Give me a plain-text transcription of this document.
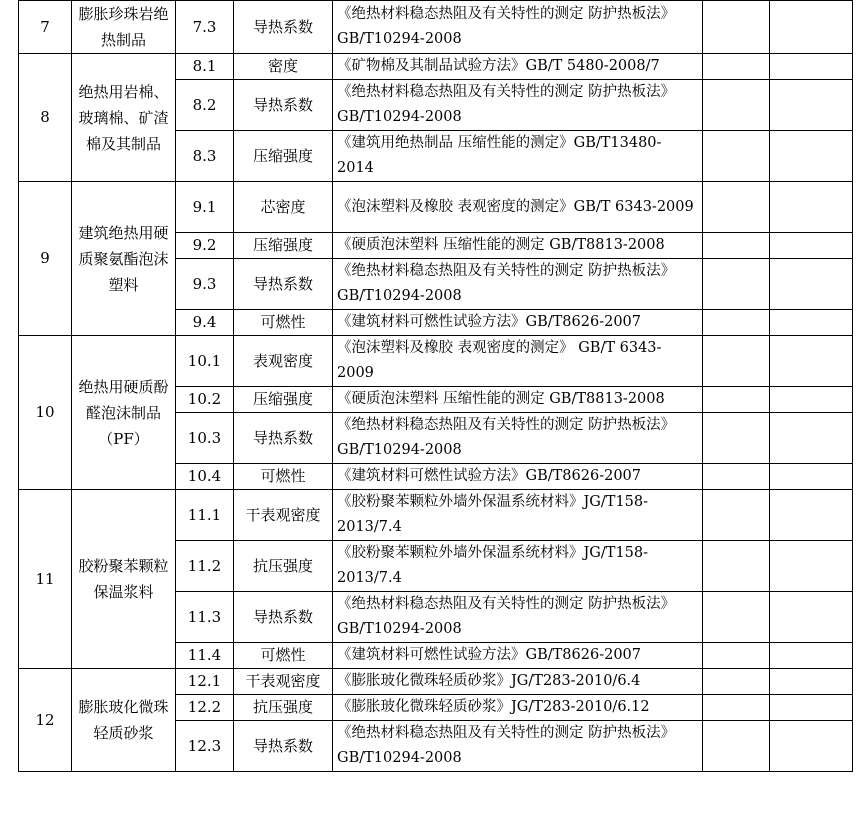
7	膨胀珍珠岩绝热制品	7.3	导热系数	《绝热材料稳态热阻及有关特性的测定 防护热板法》GB/T10294-2008		
8	绝热用岩棉、玻璃棉、矿渣棉及其制品	8.1	密度	《矿物棉及其制品试验方法》GB/T 5480-2008/7		
		8.2	导热系数	《绝热材料稳态热阻及有关特性的测定 防护热板法》GB/T10294-2008		
		8.3	压缩强度	《建筑用绝热制品 压缩性能的测定》GB/T13480-2014		
9	建筑绝热用硬质聚氨酯泡沫塑料	9.1	芯密度	《泡沫塑料及橡胶 表观密度的测定》GB/T 6343-2009		
		9.2	压缩强度	《硬质泡沫塑料 压缩性能的测定 GB/T8813-2008		
		9.3	导热系数	《绝热材料稳态热阻及有关特性的测定 防护热板法》GB/T10294-2008		
		9.4	可燃性	《建筑材料可燃性试验方法》GB/T8626-2007		
10	绝热用硬质酚醛泡沫制品（PF）	10.1	表观密度	《泡沫塑料及橡胶 表观密度的测定》 GB/T 6343-2009		
		10.2	压缩强度	《硬质泡沫塑料 压缩性能的测定 GB/T8813-2008		
		10.3	导热系数	《绝热材料稳态热阻及有关特性的测定 防护热板法》GB/T10294-2008		
		10.4	可燃性	《建筑材料可燃性试验方法》GB/T8626-2007		
11	胶粉聚苯颗粒保温浆料	11.1	干表观密度	《胶粉聚苯颗粒外墙外保温系统材料》JG/T158-2013/7.4		
		11.2	抗压强度	《胶粉聚苯颗粒外墙外保温系统材料》JG/T158-2013/7.4		
		11.3	导热系数	《绝热材料稳态热阻及有关特性的测定 防护热板法》GB/T10294-2008		
		11.4	可燃性	《建筑材料可燃性试验方法》GB/T8626-2007		
12	膨胀玻化微珠轻质砂浆	12.1	干表观密度	《膨胀玻化微珠轻质砂浆》JG/T283-2010/6.4		
		12.2	抗压强度	《膨胀玻化微珠轻质砂浆》JG/T283-2010/6.12		
		12.3	导热系数	《绝热材料稳态热阻及有关特性的测定 防护热板法》GB/T10294-2008		
